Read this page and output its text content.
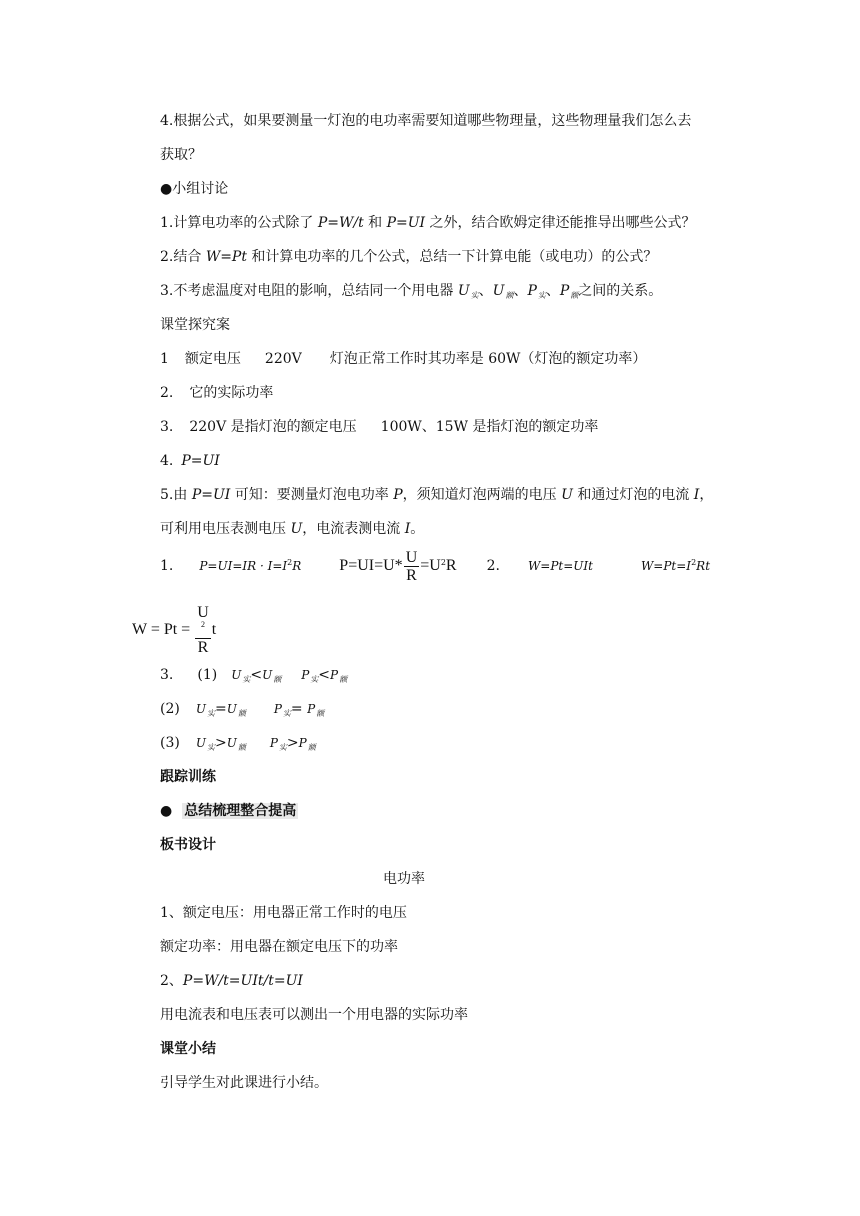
4.根据公式，如果要测量一灯泡的电功率需要知道哪些物理量，这些物理量我们怎么去
获取？
●小组讨论
1.计算电功率的公式除了 P=W/t 和 P=UI 之外，结合欧姆定律还能推导出哪些公式？
2.结合 W=Pt 和计算电功率的几个公式，总结一下计算电能（或电功）的公式？
3.不考虑温度对电阻的影响，总结同一个用电器 $U_实$、$U_额$、$P_实$、$P_额$之间的关系。
课堂探究案
1 额定电压 220V 灯泡正常工作时其功率是 60W（灯泡的额定功率）
2. 它的实际功率
3. 220V 是指灯泡的额定电压 100W、15W 是指灯泡的额定功率
4. P=UI
5.由 P=UI 可知：要测量灯泡电功率 P，须知道灯泡两端的电压 U 和通过灯泡的电流 I，
可利用电压表测电压 U，电流表测电流 I。
1. $P=UI=IR \cdot I=I^2R$ $P=UI=U* \frac{U}{R} =U^2R$ 2. W=Pt=UIt	$W=Pt=I^2Rt$
W = Pt = U
2
R t
3. (1) $U_实<U_额$ $P_实<P_额$
(2) $U_实=U_额$ $P_实= P_额$
(3) $U_实>U_额$ $P_实>P_额$
跟踪训练
● 总结梳理整合提高
板书设计
电功率
1、额定电压：用电器正常工作时的电压
额定功率：用电器在额定电压下的功率
2、P=W/t=UIt/t=UI
用电流表和电压表可以测出一个用电器的实际功率
课堂小结
引导学生对此课进行小结。
